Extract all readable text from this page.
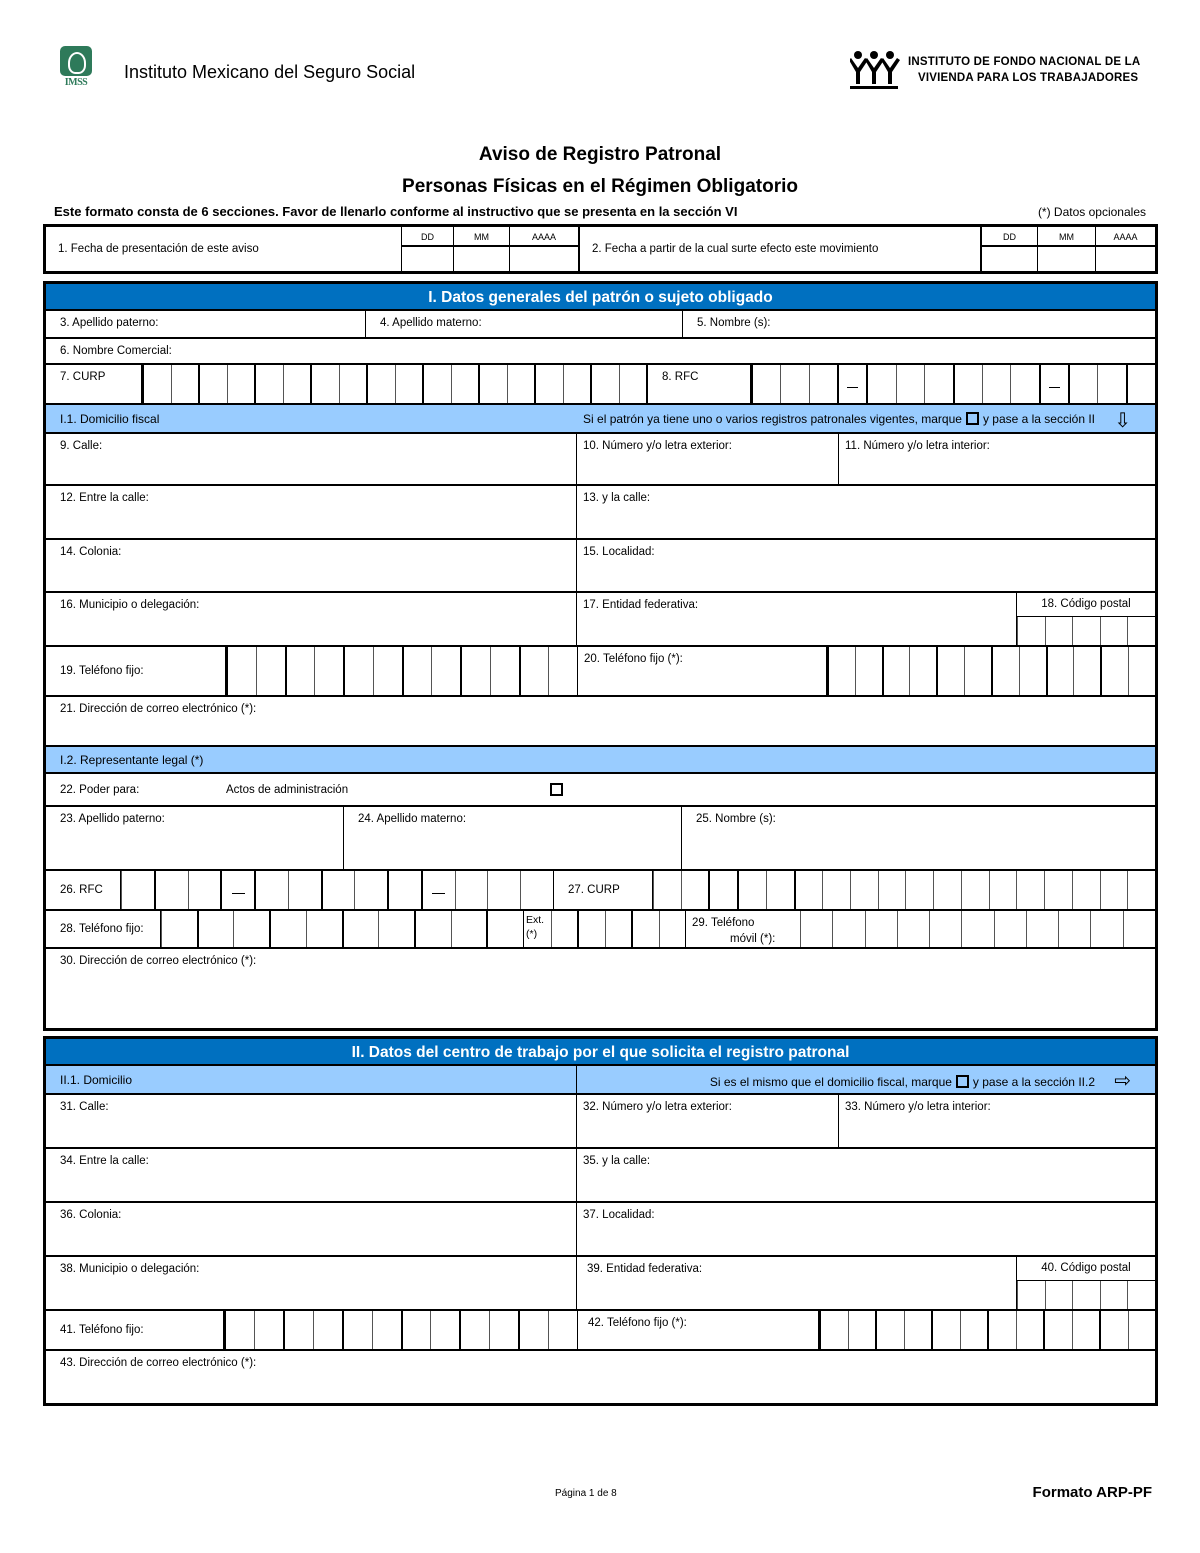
IMSS
Instituto Mexicano del Seguro Social	INSTITUTO DE FONDO NACIONAL DE LA
VIVIENDA PARA LOS TRABAJADORES
Aviso de Registro Patronal
Personas Físicas en el Régimen Obligatorio
Este formato consta de 6 secciones. Favor de llenarlo conforme al instructivo que se presenta en la sección VI	(*) Datos opcionales
1. Fecha de presentación de este aviso
DD	MM	AAAA
2. Fecha a partir de la cual surte efecto este movimiento
DD	MM	AAAA
I. Datos generales del patrón o sujeto obligado
3. Apellido paterno:	4. Apellido materno:	5. Nombre (s):
6. Nombre Comercial:
7. CURP	8. RFC
I.1. Domicilio fiscal	Si el patrón ya tiene uno o varios registros patronales vigentes, marque y pase a la sección II ⇩
9. Calle:	10. Número y/o letra exterior:	11. Número y/o letra interior:
12. Entre la calle:	13. y la calle:
14. Colonia:	15. Localidad:
16. Municipio o delegación:	17. Entidad federativa:	18. Código postal
19. Teléfono fijo:
20. Teléfono fijo (*):
21. Dirección de correo electrónico (*):
I.2. Representante legal (*)
22. Poder para:	Actos de administración
23. Apellido paterno:	24. Apellido materno:	25. Nombre (s):
26. RFC	27. CURP
28. Teléfono fijo:
Ext. (*)
29. Teléfono
móvil (*):
30. Dirección de correo electrónico (*):
II. Datos del centro de trabajo por el que solicita el registro patronal
II.1. Domicilio	Si es el mismo que el domicilio fiscal, marque y pase a la sección II.2 ⇨
31. Calle:	32. Número y/o letra exterior:	33. Número y/o letra interior:
34. Entre la calle:	35. y la calle:
36. Colonia:	37. Localidad:
38. Municipio o delegación:	39. Entidad federativa:	40. Código postal
41. Teléfono fijo:
42. Teléfono fijo (*):
43. Dirección de correo electrónico (*):
Página 1 de 8	Formato ARP-PF
